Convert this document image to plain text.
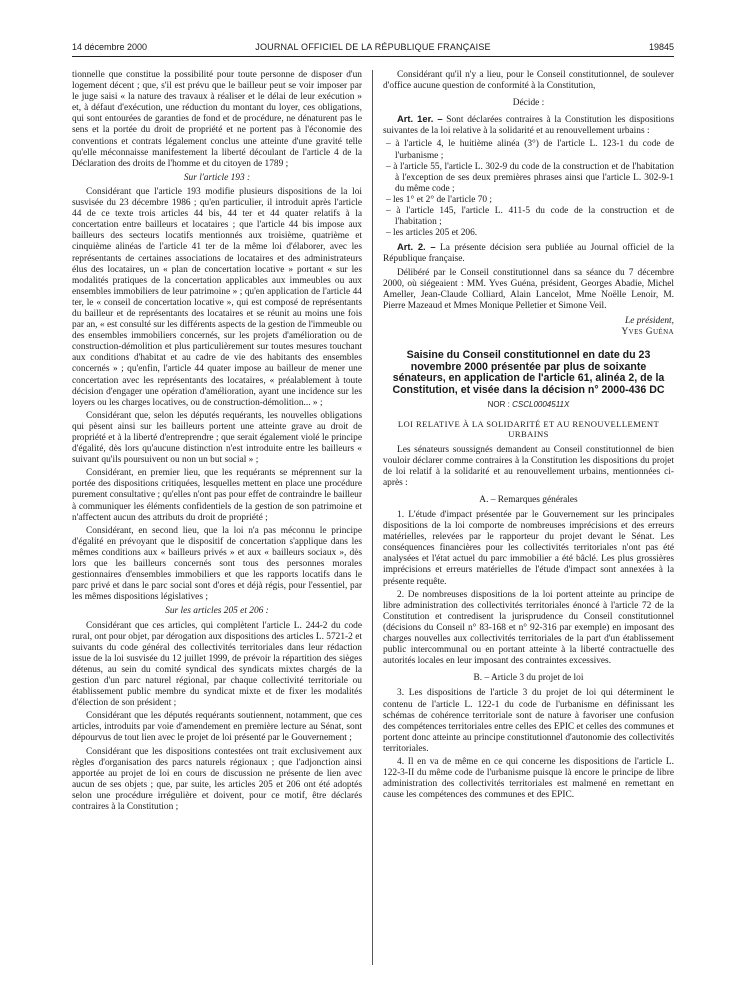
14 décembre 2000	JOURNAL OFFICIEL DE LA RÉPUBLIQUE FRANÇAISE	19845

tionnelle que constitue la possibilité pour toute personne de disposer d'un logement décent ; que, s'il est prévu que le bailleur peut se voir imposer par le juge saisi « la nature des travaux à réaliser et le délai de leur exécution » et, à défaut d'exécution, une réduction du montant du loyer, ces obligations, qui sont entourées de garanties de fond et de procédure, ne dénaturent pas le sens et la portée du droit de propriété et ne portent pas à l'économie des conventions et contrats légalement conclus une atteinte d'une gravité telle qu'elle méconnaisse manifestement la liberté découlant de l'article 4 de la Déclaration des droits de l'homme et du citoyen de 1789 ;

Sur l'article 193 :

Considérant que l'article 193 modifie plusieurs dispositions de la loi susvisée du 23 décembre 1986 ; qu'en particulier, il introduit après l'article 44 de ce texte trois articles 44 bis, 44 ter et 44 quater relatifs à la concertation entre bailleurs et locataires ; que l'article 44 bis impose aux bailleurs des secteurs locatifs mentionnés aux troisième, quatrième et cinquième alinéas de l'article 41 ter de la même loi d'élaborer, avec les représentants de certaines associations de locataires et des administrateurs élus des locataires, un « plan de concertation locative » portant « sur les modalités pratiques de la concertation applicables aux immeubles ou aux ensembles immobiliers de leur patrimoine » ; qu'en application de l'article 44 ter, le « conseil de concertation locative », qui est composé de représentants du bailleur et de représentants des locataires et se réunit au moins une fois par an, « est consulté sur les différents aspects de la gestion de l'immeuble ou des ensembles immobiliers concernés, sur les projets d'amélioration ou de construction-démolition et plus particulièrement sur toutes mesures touchant aux conditions d'habitat et au cadre de vie des habitants des ensembles concernés » ; qu'enfin, l'article 44 quater impose au bailleur de mener une concertation avec les représentants des locataires, « préalablement à toute décision d'engager une opération d'amélioration, ayant une incidence sur les loyers ou les charges locatives, ou de construction-démolition... » ;

Considérant que, selon les députés requérants, les nouvelles obligations qui pèsent ainsi sur les bailleurs portent une atteinte grave au droit de propriété et à la liberté d'entreprendre ; que serait également violé le principe d'égalité, dès lors qu'aucune distinction n'est introduite entre les bailleurs « suivant qu'ils poursuivent ou non un but social » ;

Considérant, en premier lieu, que les requérants se méprennent sur la portée des dispositions critiquées, lesquelles mettent en place une procédure purement consultative ; qu'elles n'ont pas pour effet de contraindre le bailleur à communiquer les éléments confidentiels de la gestion de son patrimoine et n'affectent aucun des attributs du droit de propriété ;

Considérant, en second lieu, que la loi n'a pas méconnu le principe d'égalité en prévoyant que le dispositif de concertation s'applique dans les mêmes conditions aux « bailleurs privés » et aux « bailleurs sociaux », dès lors que les bailleurs concernés sont tous des personnes morales gestionnaires d'ensembles immobiliers et que les rapports locatifs dans le parc privé et dans le parc social sont d'ores et déjà régis, pour l'essentiel, par les mêmes dispositions législatives ;

Sur les articles 205 et 206 :

Considérant que ces articles, qui complètent l'article L. 244-2 du code rural, ont pour objet, par dérogation aux dispositions des articles L. 5721-2 et suivants du code général des collectivités territoriales dans leur rédaction issue de la loi susvisée du 12 juillet 1999, de prévoir la répartition des sièges détenus, au sein du comité syndical des syndicats mixtes chargés de la gestion d'un parc naturel régional, par chaque collectivité territoriale ou établissement public membre du syndicat mixte et de fixer les modalités d'élection de son président ;

Considérant que les députés requérants soutiennent, notamment, que ces articles, introduits par voie d'amendement en première lecture au Sénat, sont dépourvus de tout lien avec le projet de loi présenté par le Gouvernement ;

Considérant que les dispositions contestées ont trait exclusivement aux règles d'organisation des parcs naturels régionaux ; que l'adjonction ainsi apportée au projet de loi en cours de discussion ne présente de lien avec aucun de ses objets ; que, par suite, les articles 205 et 206 ont été adoptés selon une procédure irrégulière et doivent, pour ce motif, être déclarés contraires à la Constitution ;

Considérant qu'il n'y a lieu, pour le Conseil constitutionnel, de soulever d'office aucune question de conformité à la Constitution,

Décide :

Art. 1er. – Sont déclarées contraires à la Constitution les dispositions suivantes de la loi relative à la solidarité et au renouvellement urbains :

– à l'article 4, le huitième alinéa (3°) de l'article L. 123-1 du code de l'urbanisme ;
– à l'article 55, l'article L. 302-9 du code de la construction et de l'habitation à l'exception de ses deux premières phrases ainsi que l'article L. 302-9-1 du même code ;
– les 1° et 2° de l'article 70 ;
– à l'article 145, l'article L. 411-5 du code de la construction et de l'habitation ;
– les articles 205 et 206.

Art. 2. – La présente décision sera publiée au Journal officiel de la République française.

Délibéré par le Conseil constitutionnel dans sa séance du 7 décembre 2000, où siégeaient : MM. Yves Guéna, président, Georges Abadie, Michel Ameller, Jean-Claude Colliard, Alain Lancelot, Mme Noëlle Lenoir, M. Pierre Mazeaud et Mmes Monique Pelletier et Simone Veil.

Le président,
Yves Guéna
Saisine du Conseil constitutionnel en date du 23 novembre 2000 présentée par plus de soixante sénateurs, en application de l'article 61, alinéa 2, de la Constitution, et visée dans la décision n° 2000-436 DC
NOR : CSCL0004511X
LOI RELATIVE À LA SOLIDARITÉ ET AU RENOUVELLEMENT URBAINS

Les sénateurs soussignés demandent au Conseil constitutionnel de bien vouloir déclarer comme contraires à la Constitution les dispositions du projet de loi relatif à la solidarité et au renouvellement urbains, mentionnées ci-après :

A. – Remarques générales

1. L'étude d'impact présentée par le Gouvernement sur les principales dispositions de la loi comporte de nombreuses imprécisions et des erreurs matérielles, relevées par le rapporteur du projet devant le Sénat. Les conséquences financières pour les collectivités territoriales n'ont pas été analysées et l'état actuel du parc immobilier a été bâclé. Les plus grossières imprécisions et erreurs matérielles de l'étude d'impact sont annexées à la présente requête.

2. De nombreuses dispositions de la loi portent atteinte au principe de libre administration des collectivités territoriales énoncé à l'article 72 de la Constitution et contredisent la jurisprudence du Conseil constitutionnel (décisions du Conseil n° 83-168 et n° 92-316 par exemple) en imposant des charges nouvelles aux collectivités territoriales de la part d'un établissement public intercommunal ou en portant atteinte à la liberté contractuelle des autorités locales en leur imposant des contraintes excessives.

B. – Article 3 du projet de loi

3. Les dispositions de l'article 3 du projet de loi qui déterminent le contenu de l'article L. 122-1 du code de l'urbanisme en définissant les schémas de cohérence territoriale sont de nature à favoriser une confusion des compétences territoriales entre celles des EPIC et celles des communes et portent donc atteinte au principe constitutionnel d'autonomie des collectivités territoriales.

4. Il en va de même en ce qui concerne les dispositions de l'article L. 122-3-II du même code de l'urbanisme puisque là encore le principe de libre administration des collectivités territoriales est malmené en remettant en cause les compétences des communes et des EPIC.
